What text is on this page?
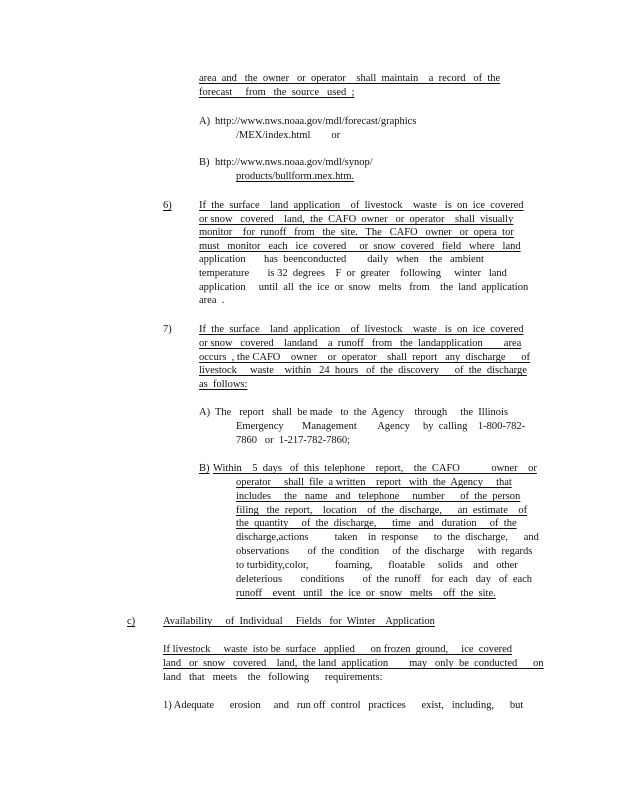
area  and   the  owner   or  operator    shall  maintain    a  record   of  the
forecast     from   the  source   used  ;
A) http://www.nws.noaa.gov/mdl/forecast/graphics
/MEX/index.html        or
B) http://www.nws.noaa.gov/mdl/synop/
products/bullform.mex.htm.
6)	If  the  surface    land  application    of  livestock    waste   is  on  ice  covered
or snow   covered    land,  the  CAFO  owner   or  operator    shall  visually
monitor    for  runoff   from   the  site.   The   CAFO   owner   or  opera  tor
must   monitor   each   ice  covered     or  snow  covered   field   where   land
application       has  beenconducted        daily   when    the   ambient
temperature       is 32  degrees    F  or  greater    following     winter   land
application     until  all  the  ice  or  snow   melts   from    the  land  application
area  .
7)	If  the  surface    land  application    of  livestock    waste   is  on  ice  covered
or snow   covered    landand    a  runoff   from   the  landapplication        area
occurs  , the CAFO    owner    or  operator    shall  report   any  discharge      of
livestock     waste    within   24  hours   of  the  discovery      of  the  discharge
as  follows:
A) The   report   shall  be made   to  the  Agency    through     the  Illinois
Emergency       Management        Agency     by  calling    1-800-782-
7860   or  1-217-782-7860;
B) Within    5  days   of  this  telephone    report,    the  CAFO            owner    or
operator     shall  file  a written    report   with  the  Agency     that
includes     the   name   and   telephone     number      of  the  person
filing   the  report,    location    of  the  discharge,      an  estimate    of
the  quantity     of  the  discharge,      time   and   duration     of  the
discharge,actions          taken    in  response      to  the  discharge,      and
observations       of  the  condition     of  the  discharge     with  regards
to turbidity,color,          foaming,      floatable     solids    and   other
deleterious       conditions       of  the  runoff    for  each   day   of  each
runoff    event   until   the  ice  or  snow   melts    off  the  site.
c)	Availability     of  Individual     Fields   for  Winter    Application
If livestock     waste  isto be  surface   applied      on frozen  ground,     ice  covered
land   or  snow   covered    land,  the land  application        may   only  be  conducted      on
land   that   meets    the   following      requirements:
1) Adequate      erosion     and   run off  control   practices      exist,   including,      but
